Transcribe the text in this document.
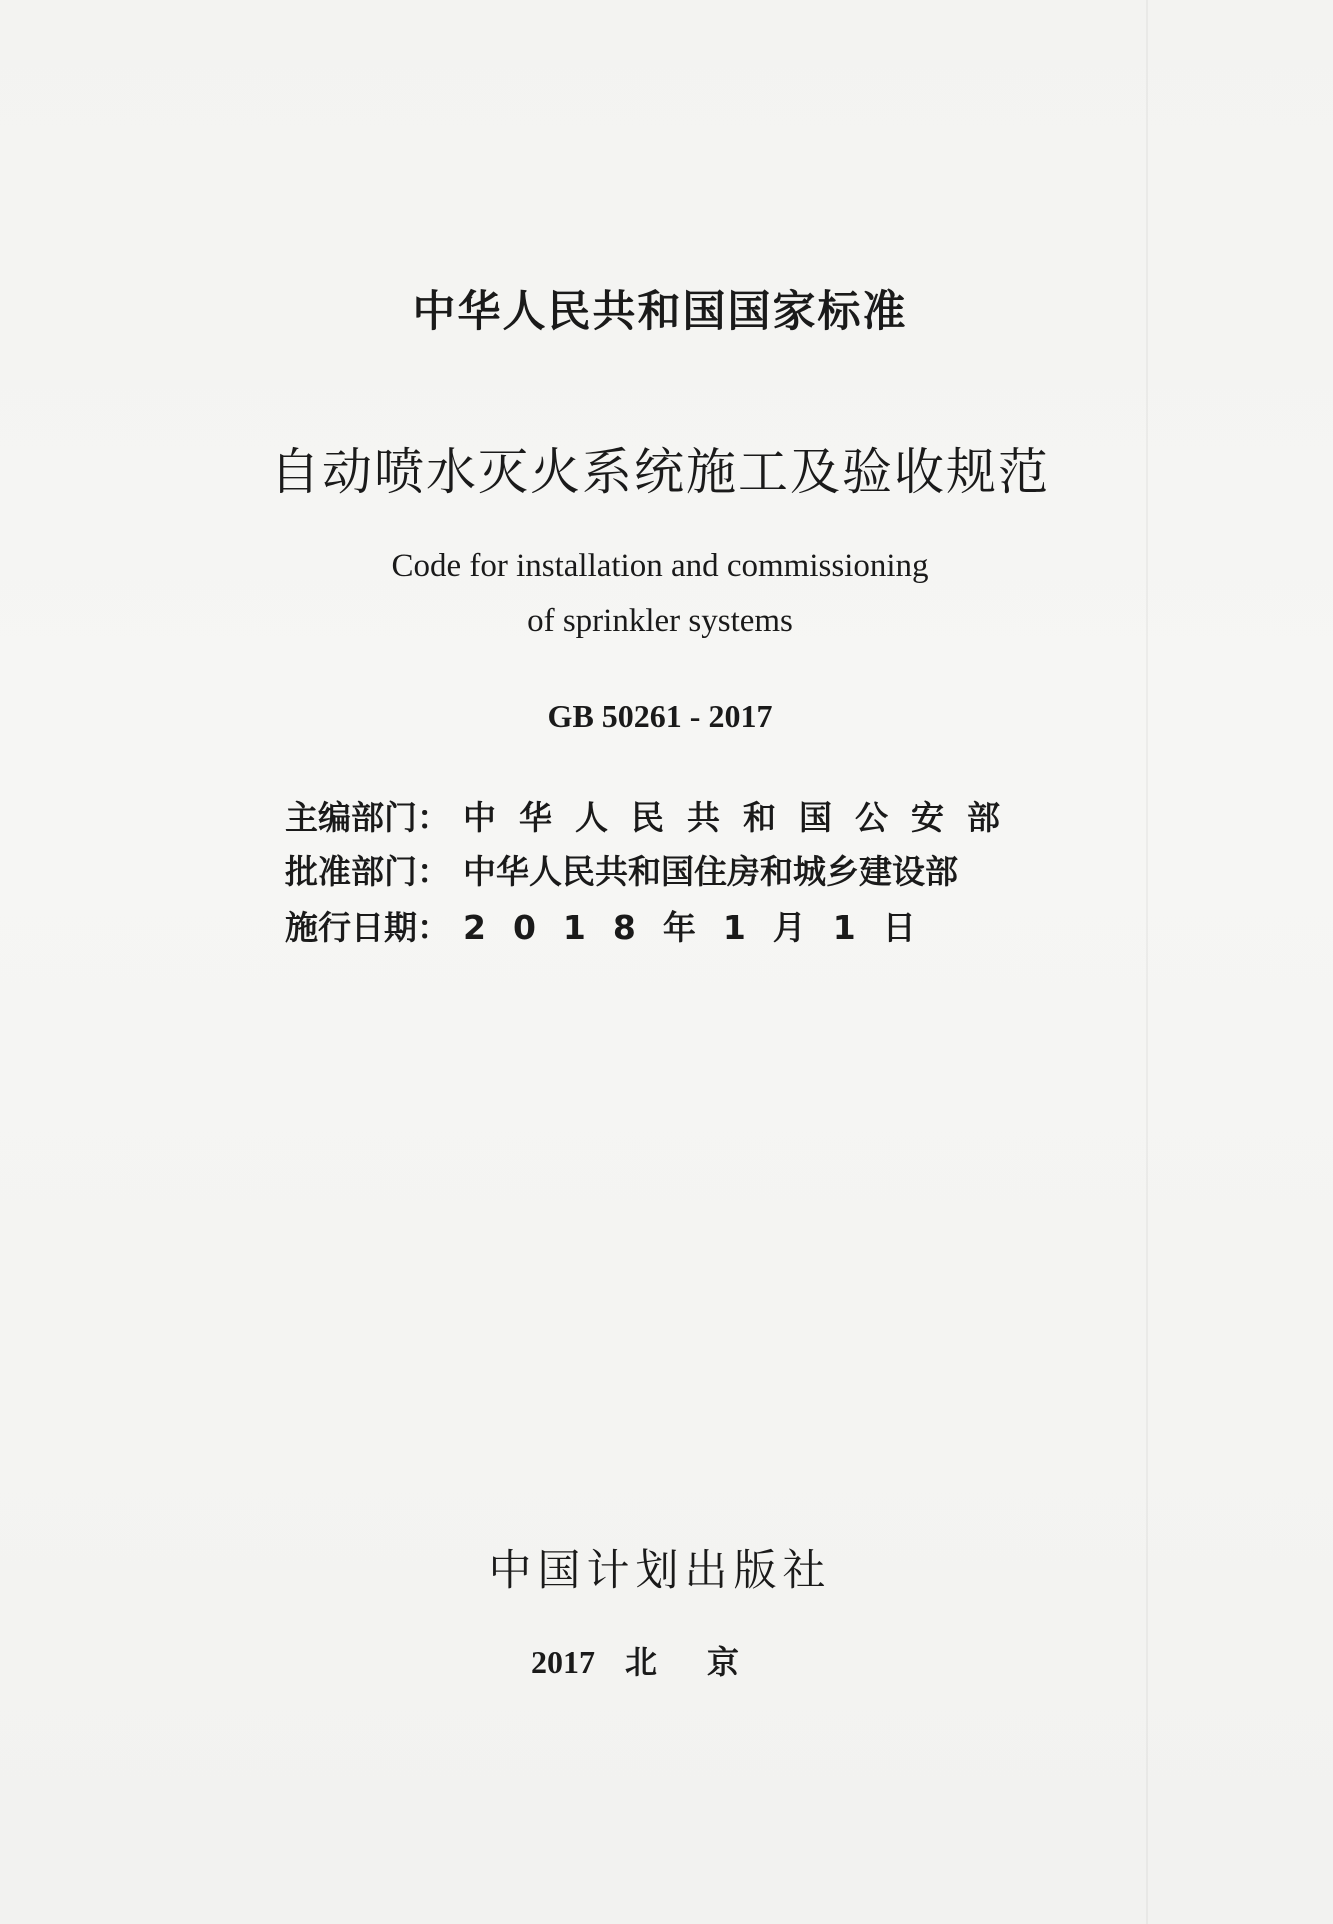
中华人民共和国国家标准
自动喷水灭火系统施工及验收规范
Code for installation and commissioning
of sprinkler systems
GB 50261 - 2017
主编部门： 中华人民共和国公安部
批准部门： 中华人民共和国住房和城乡建设部
施行日期： 2018年1月1日
中国计划出版社
2017 北京
